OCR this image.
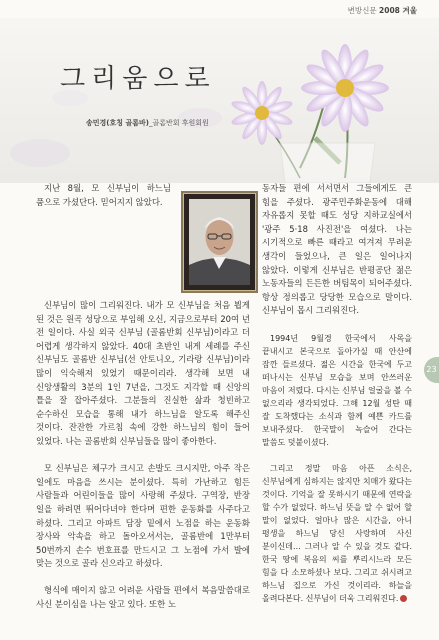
변방신문 2008 겨울
그리움으로
송민경(호칭 골롬바)_골롬반회 후원회원

지난 8월, 모 신부님이 하느님 품으로 가셨단다. 믿어지지 않았다.

신부님이 많이 그리워진다. 내가 모 신부님을 처음 뵙게 된 것은 원곡 성당으로 부임해 오신, 지금으로부터 20여 년 전 일이다. 사실 외국 신부님 (골롬반회 신부님)이라고 더 어렵게 생각하지 않았다. 40대 초반인 내게 세례를 주신 신부님도 골롬반 신부님(선 안토니오, 기라랑 신부님)이라 많이 익숙해져 있었기 때문이리라. 생각해 보면 내 신앙생활의 3분의 1인 7년을, 그것도 지각할 때 신앙의 틀을 잘 잡아주셨다. 그분들의 진실한 삶과 청빈하고 순수하신 모습을 통해 내가 하느님을 알도록 해주신 것이다. 잔잔한 가르침 속에 강한 하느님의 힘이 들어 있었다. 나는 골롬반회 신부님들을 많이 좋아한다.

모 신부님은 체구가 크시고 손발도 크시지만, 아주 작은 일에도 마음을 쓰시는 분이셨다. 특히 가난하고 힘든 사람들과 어린이들을 많이 사랑해 주셨다. 구역장, 반장 일을 하려면 뛰어다녀야 한다며 편한 운동화를 사주다고 하셨다. 그리고 아파트 담장 밑에서 노점을 하는 운동화 장사와 악속을 하고 돌아오셔서는, 골롬반에 1만부터 50번까지 손수 번호표를 만드시고 그 노점에 가서 발에 맞는 것으로 골라 신으라고 하셨다.

형식에 매이지 않고 어려운 사람들 편에서 복음말씀대로 사신 분이심을 나는 알고 있다. 또한 노

동자들 편에 서서면서 그들에게도 큰 힘을 주셨다. 광주민주화운동에 대해 자유롭지 못할 때도 성당 지하교실에서 '광주 5·18 사진전'을 여셨다. 나는 시기적으로 빠른 때라고 여겨져 무려운 생각이 들었으나, 큰 일은 일어나지 않았다. 이렇게 신부님은 반평공단 젊은 노동자들의 든든한 버팀목이 되어주셨다. 항상 정의롭고 당당한 모습으로 말이다. 신부님이 몹시 그리워진다.

1994년 9월경 한국에서 사목을 끝내시고 본국으로 돌아가실 때 안산에 잠깐 들르셨다. 젊은 시간을 한국에 두고 떠나시는 신부님 모습을 보며 안쓰러운 마음이 저렸다. 다시는 신부님 얼굴을 볼 수 없으리라 생각되었다. 그해 12월 성탄 때 잘 도착했다는 소식과 함께 예쁜 카드를 보내주셨다. 한국말이 녹슬어 간다는 말씀도 덧붙이셨다.

그리고 정말 마음 아픈 소식은, 신부님에게 심하지는 않지만 치매가 왔다는 것이다. 기억을 잘 못하시기 때문에 연락을 할 수가 없었다. 하느님 뜻을 알 수 없어 할 말이 없었다. 얼마나 많은 시간을, 아니 평생을 하느님 당신 사랑하며 사신 분이신데… 그러나 알 수 있을 것도 같다. 한국 땅에 복음의 씨를 뿌리시느라 모든 힘을 다 소모하셨나 보다. 그리고 쉬시려고 하느님 집으로 가신 것이리라. 하늘을 올려다본다. 신부님이 더욱 그리워진다.

23
